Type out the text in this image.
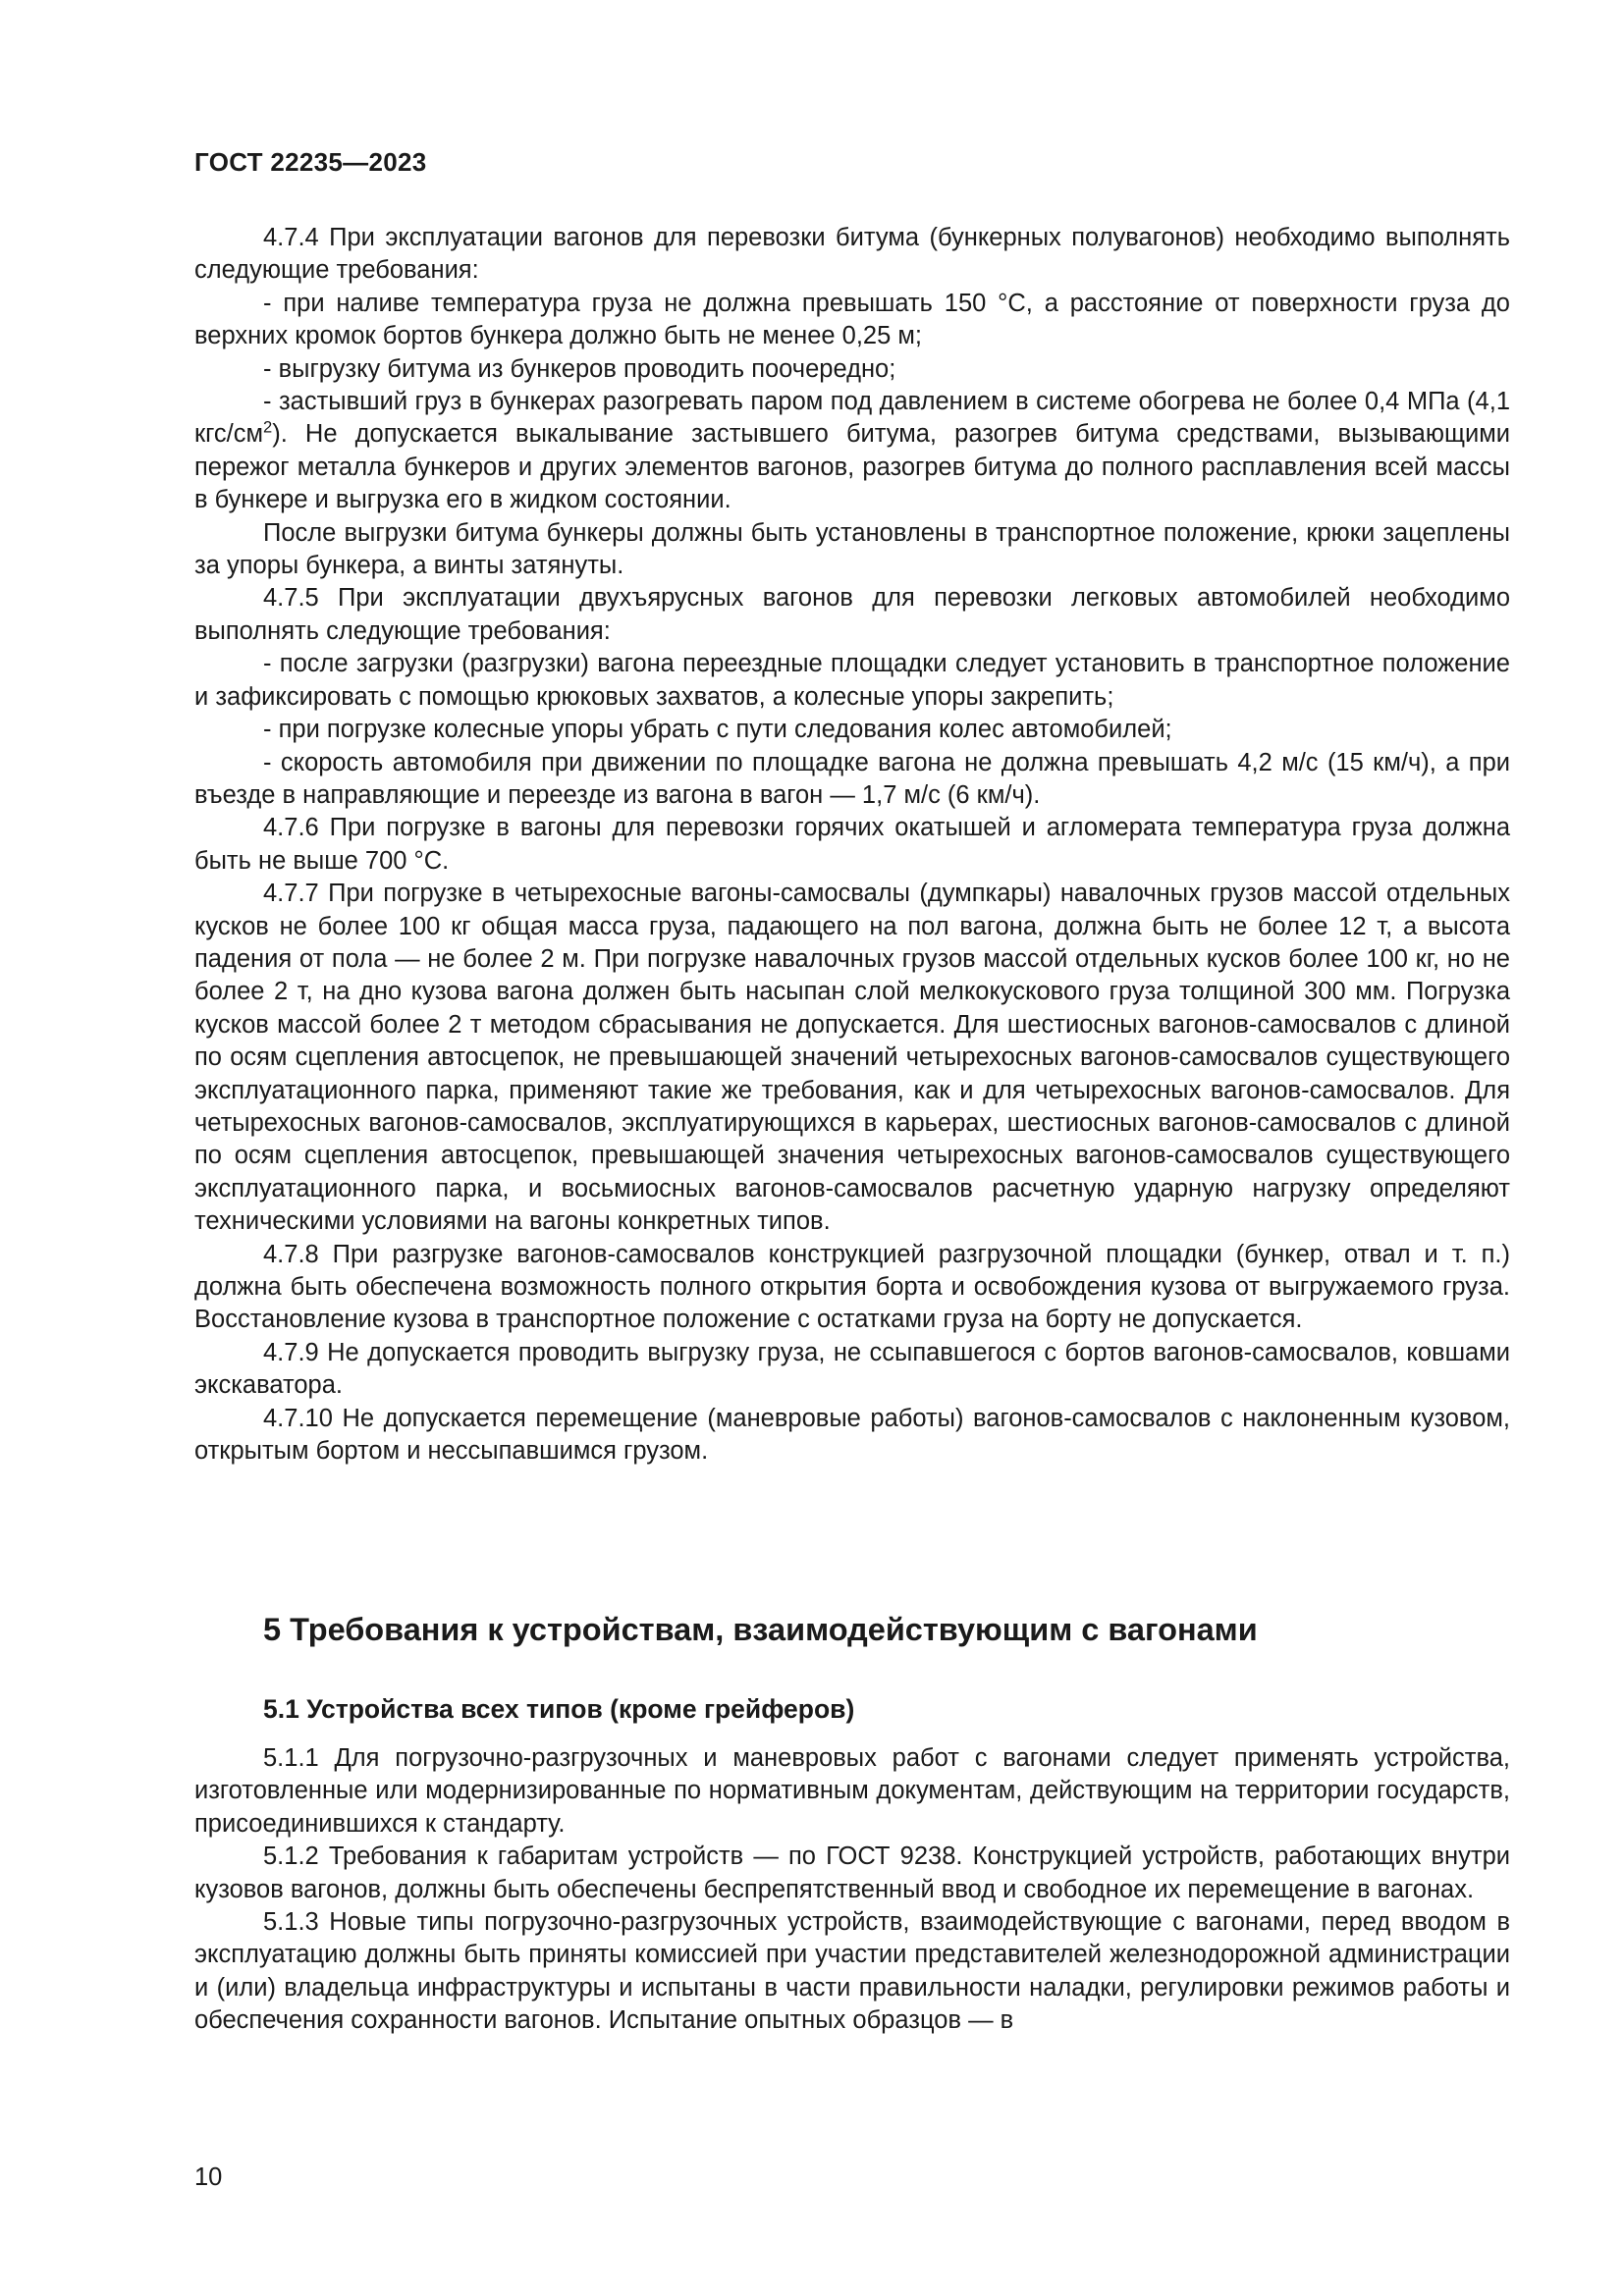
ГОСТ 22235—2023

4.7.4 При эксплуатации вагонов для перевозки битума (бункерных полувагонов) необходимо выполнять следующие требования:

- при наливе температура груза не должна превышать 150 °С, а расстояние от поверхности груза до верхних кромок бортов бункера должно быть не менее 0,25 м;

- выгрузку битума из бункеров проводить поочередно;

- застывший груз в бункерах разогревать паром под давлением в системе обогрева не более 0,4 МПа (4,1 кгс/$см^2$). Не допускается выкалывание застывшего битума, разогрев битума средствами, вызывающими пережог металла бункеров и других элементов вагонов, разогрев битума до полного расплавления всей массы в бункере и выгрузка его в жидком состоянии.

После выгрузки битума бункеры должны быть установлены в транспортное положение, крюки зацеплены за упоры бункера, а винты затянуты.

4.7.5 При эксплуатации двухъярусных вагонов для перевозки легковых автомобилей необходимо выполнять следующие требования:

- после загрузки (разгрузки) вагона переездные площадки следует установить в транспортное положение и зафиксировать с помощью крюковых захватов, а колесные упоры закрепить;

- при погрузке колесные упоры убрать с пути следования колес автомобилей;

- скорость автомобиля при движении по площадке вагона не должна превышать 4,2 м/с (15 км/ч), а при въезде в направляющие и переезде из вагона в вагон — 1,7 м/с (6 км/ч).

4.7.6 При погрузке в вагоны для перевозки горячих окатышей и агломерата температура груза должна быть не выше 700 °С.

4.7.7 При погрузке в четырехосные вагоны-самосвалы (думпкары) навалочных грузов массой отдельных кусков не более 100 кг общая масса груза, падающего на пол вагона, должна быть не более 12 т, а высота падения от пола — не более 2 м. При погрузке навалочных грузов массой отдельных кусков более 100 кг, но не более 2 т, на дно кузова вагона должен быть насыпан слой мелкокускового груза толщиной 300 мм. Погрузка кусков массой более 2 т методом сбрасывания не допускается. Для шестиосных вагонов-самосвалов с длиной по осям сцепления автосцепок, не превышающей значений четырехосных вагонов-самосвалов существующего эксплуатационного парка, применяют такие же требования, как и для четырехосных вагонов-самосвалов. Для четырехосных вагонов-самосвалов, эксплуатирующихся в карьерах, шестиосных вагонов-самосвалов с длиной по осям сцепления автосцепок, превышающей значения четырехосных вагонов-самосвалов существующего эксплуатационного парка, и восьмиосных вагонов-самосвалов расчетную ударную нагрузку определяют техническими условиями на вагоны конкретных типов.

4.7.8 При разгрузке вагонов-самосвалов конструкцией разгрузочной площадки (бункер, отвал и т. п.) должна быть обеспечена возможность полного открытия борта и освобождения кузова от выгружаемого груза. Восстановление кузова в транспортное положение с остатками груза на борту не допускается.

4.7.9 Не допускается проводить выгрузку груза, не ссыпавшегося с бортов вагонов-самосвалов, ковшами экскаватора.

4.7.10 Не допускается перемещение (маневровые работы) вагонов-самосвалов с наклоненным кузовом, открытым бортом и нессыпавшимся грузом.

5 Требования к устройствам, взаимодействующим с вагонами
5.1 Устройства всех типов (кроме грейферов)

5.1.1 Для погрузочно-разгрузочных и маневровых работ с вагонами следует применять устройства, изготовленные или модернизированные по нормативным документам, действующим на территории государств, присоединившихся к стандарту.

5.1.2 Требования к габаритам устройств — по ГОСТ 9238. Конструкцией устройств, работающих внутри кузовов вагонов, должны быть обеспечены беспрепятственный ввод и свободное их перемещение в вагонах.

5.1.3 Новые типы погрузочно-разгрузочных устройств, взаимодействующие с вагонами, перед вводом в эксплуатацию должны быть приняты комиссией при участии представителей железнодорожной администрации и (или) владельца инфраструктуры и испытаны в части правильности наладки, регулировки режимов работы и обеспечения сохранности вагонов. Испытание опытных образцов — в

10
